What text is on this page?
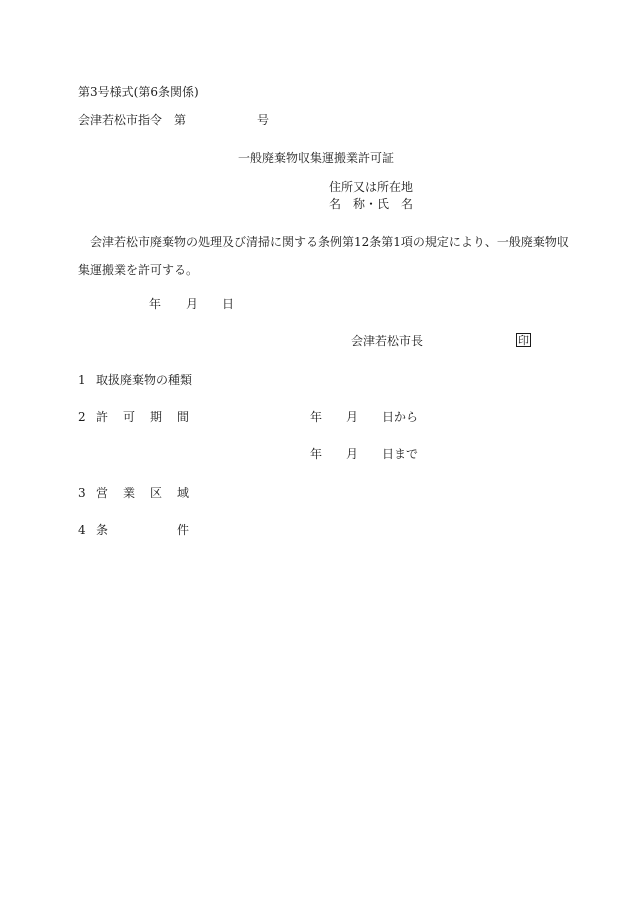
第3号様式(第6条関係)
会津若松市指令　第	号
一般廃棄物収集運搬業許可証
住所又は所在地
名　称・氏　名
会津若松市廃棄物の処理及び清掃に関する条例第12条第1項の規定により、一般廃棄物収
集運搬業を許可する。
年 月 日
会津若松市長	印
1 取扱廃棄物の種類
2 許 可 期 間	年 月 日から
年 月 日まで
3 営 業 区 域
4 条	件
